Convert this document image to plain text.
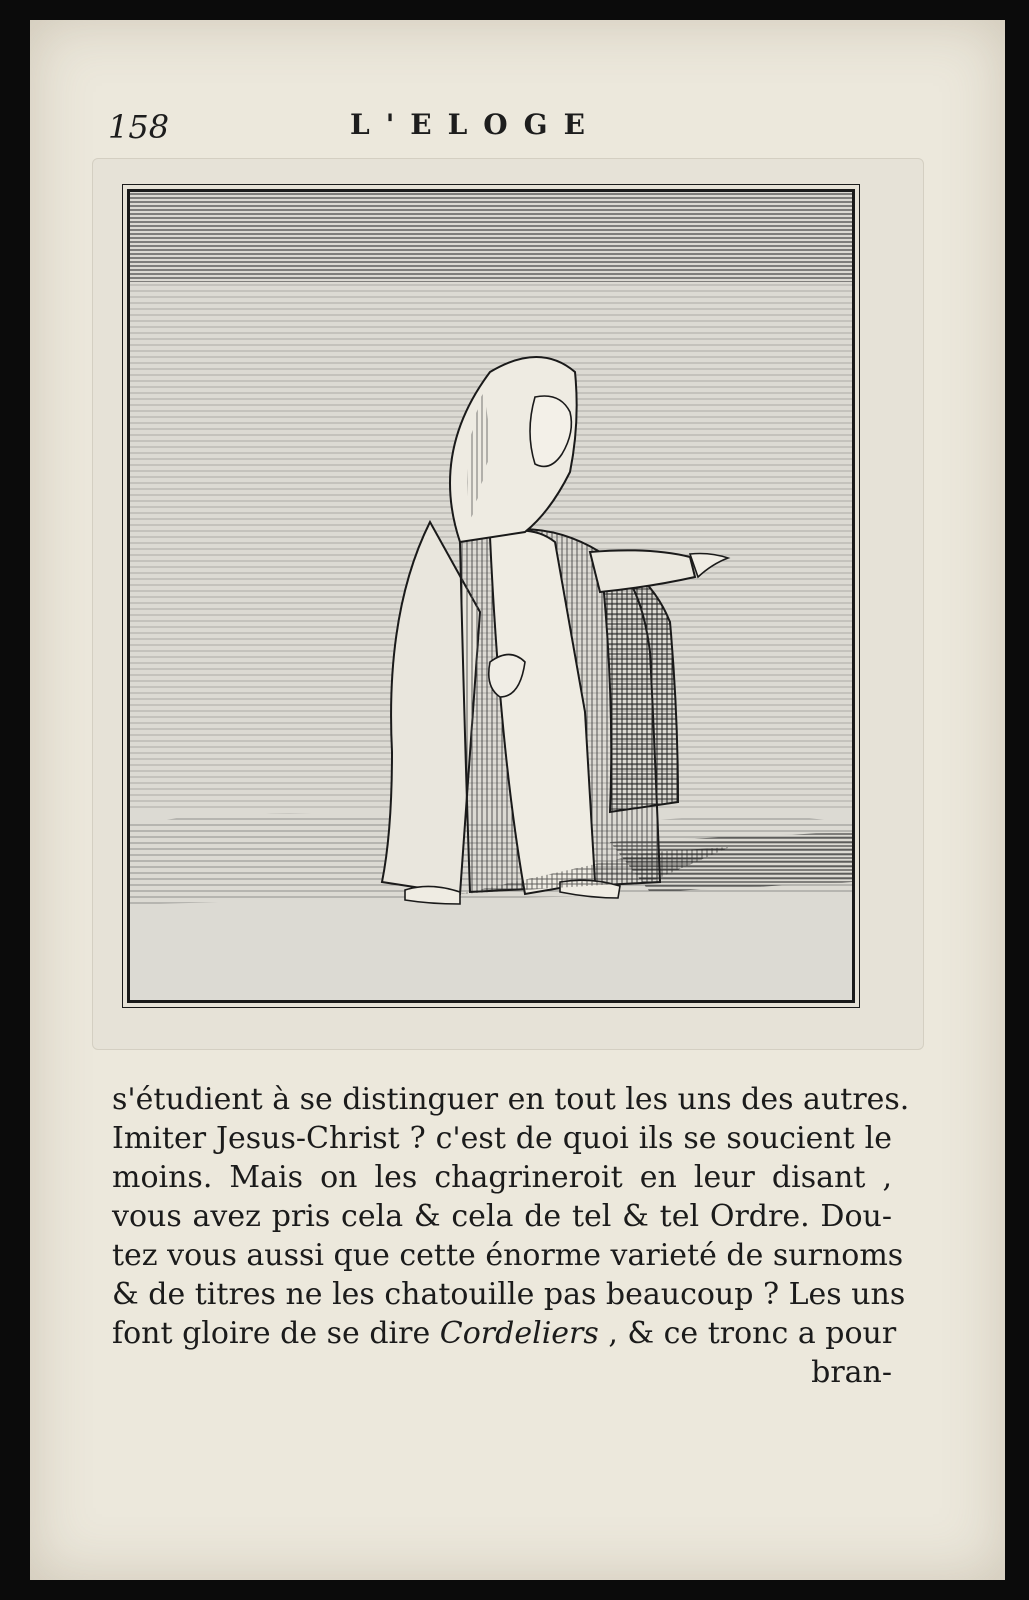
158	L'ELOGE
s'étudient à se distinguer en tout les uns des autres.
Imiter Jesus-Christ ? c'est de quoi ils se soucient le
moins. Mais on les chagrineroit en leur disant ,
vous avez pris cela & cela de tel & tel Ordre. Dou-
tez vous aussi que cette énorme varieté de surnoms
& de titres ne les chatouille pas beaucoup ? Les uns
font gloire de se dire Cordeliers , & ce tronc a pour
bran-
